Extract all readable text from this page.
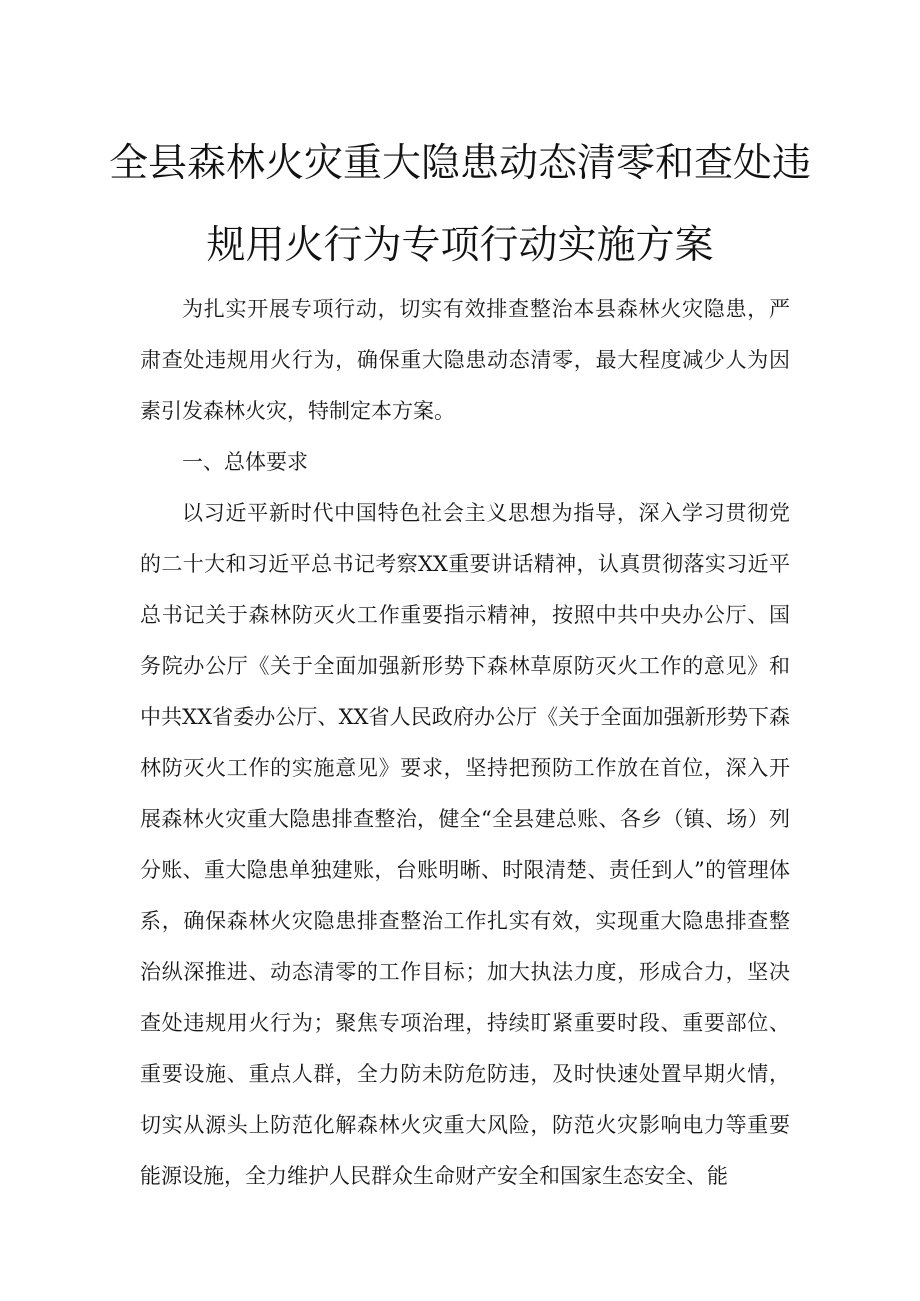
全县森林火灾重大隐患动态清零和查处违
规用火行为专项行动实施方案

为扎实开展专项行动，切实有效排查整治本县森林火灾隐患，严肃查处违规用火行为，确保重大隐患动态清零，最大程度减少人为因素引发森林火灾，特制定本方案。

一、总体要求

以习近平新时代中国特色社会主义思想为指导，深入学习贯彻党的二十大和习近平总书记考察XX重要讲话精神，认真贯彻落实习近平总书记关于森林防灭火工作重要指示精神，按照中共中央办公厅、国务院办公厅《关于全面加强新形势下森林草原防灭火工作的意见》和中共XX省委办公厅、XX省人民政府办公厅《关于全面加强新形势下森林防灭火工作的实施意见》要求，坚持把预防工作放在首位，深入开展森林火灾重大隐患排查整治，健全“全县建总账、各乡（镇、场）列分账、重大隐患单独建账，台账明晰、时限清楚、责任到人”的管理体系，确保森林火灾隐患排查整治工作扎实有效，实现重大隐患排查整治纵深推进、动态清零的工作目标；加大执法力度，形成合力，坚决查处违规用火行为；聚焦专项治理，持续盯紧重要时段、重要部位、重要设施、重点人群，全力防未防危防违，及时快速处置早期火情，切实从源头上防范化解森林火灾重大风险，防范火灾影响电力等重要能源设施，全力维护人民群众生命财产安全和国家生态安全、能
